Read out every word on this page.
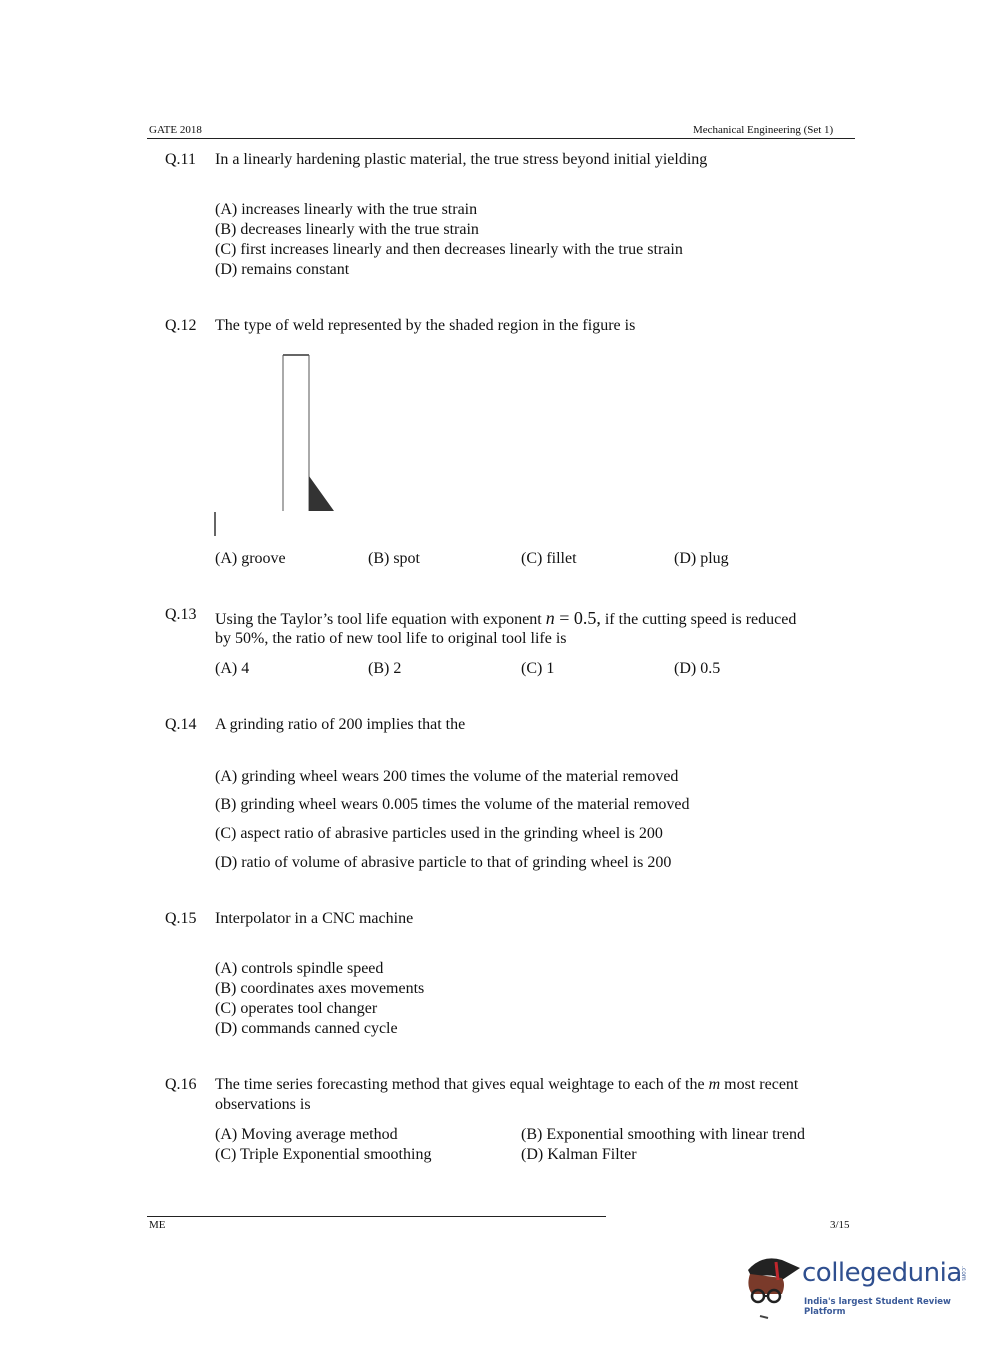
GATE 2018	Mechanical Engineering (Set 1)
Q.11 In a linearly hardening plastic material, the true stress beyond initial yielding
(A) increases linearly with the true strain
(B) decreases linearly with the true strain
(C) first increases linearly and then decreases linearly with the true strain
(D) remains constant
Q.12 The type of weld represented by the shaded region in the figure is
(A) groove	(B) spot	(C) fillet	(D) plug
Q.13 Using the Taylor’s tool life equation with exponent n = 0.5, if the cutting speed is reduced
by 50%, the ratio of new tool life to original tool life is
(A) 4	(B) 2	(C) 1	(D) 0.5
Q.14 A grinding ratio of 200 implies that the
(A) grinding wheel wears 200 times the volume of the material removed
(B) grinding wheel wears 0.005 times the volume of the material removed
(C) aspect ratio of abrasive particles used in the grinding wheel is 200
(D) ratio of volume of abrasive particle to that of grinding wheel is 200
Q.15 Interpolator in a CNC machine
(A) controls spindle speed
(B) coordinates axes movements
(C) operates tool changer
(D) commands canned cycle
Q.16 The time series forecasting method that gives equal weightage to each of the m most recent
observations is
(A) Moving average method	(B) Exponential smoothing with linear trend
(C) Triple Exponential smoothing	(D) Kalman Filter
ME	3/15
collegedunia
.com
India's largest Student Review Platform
